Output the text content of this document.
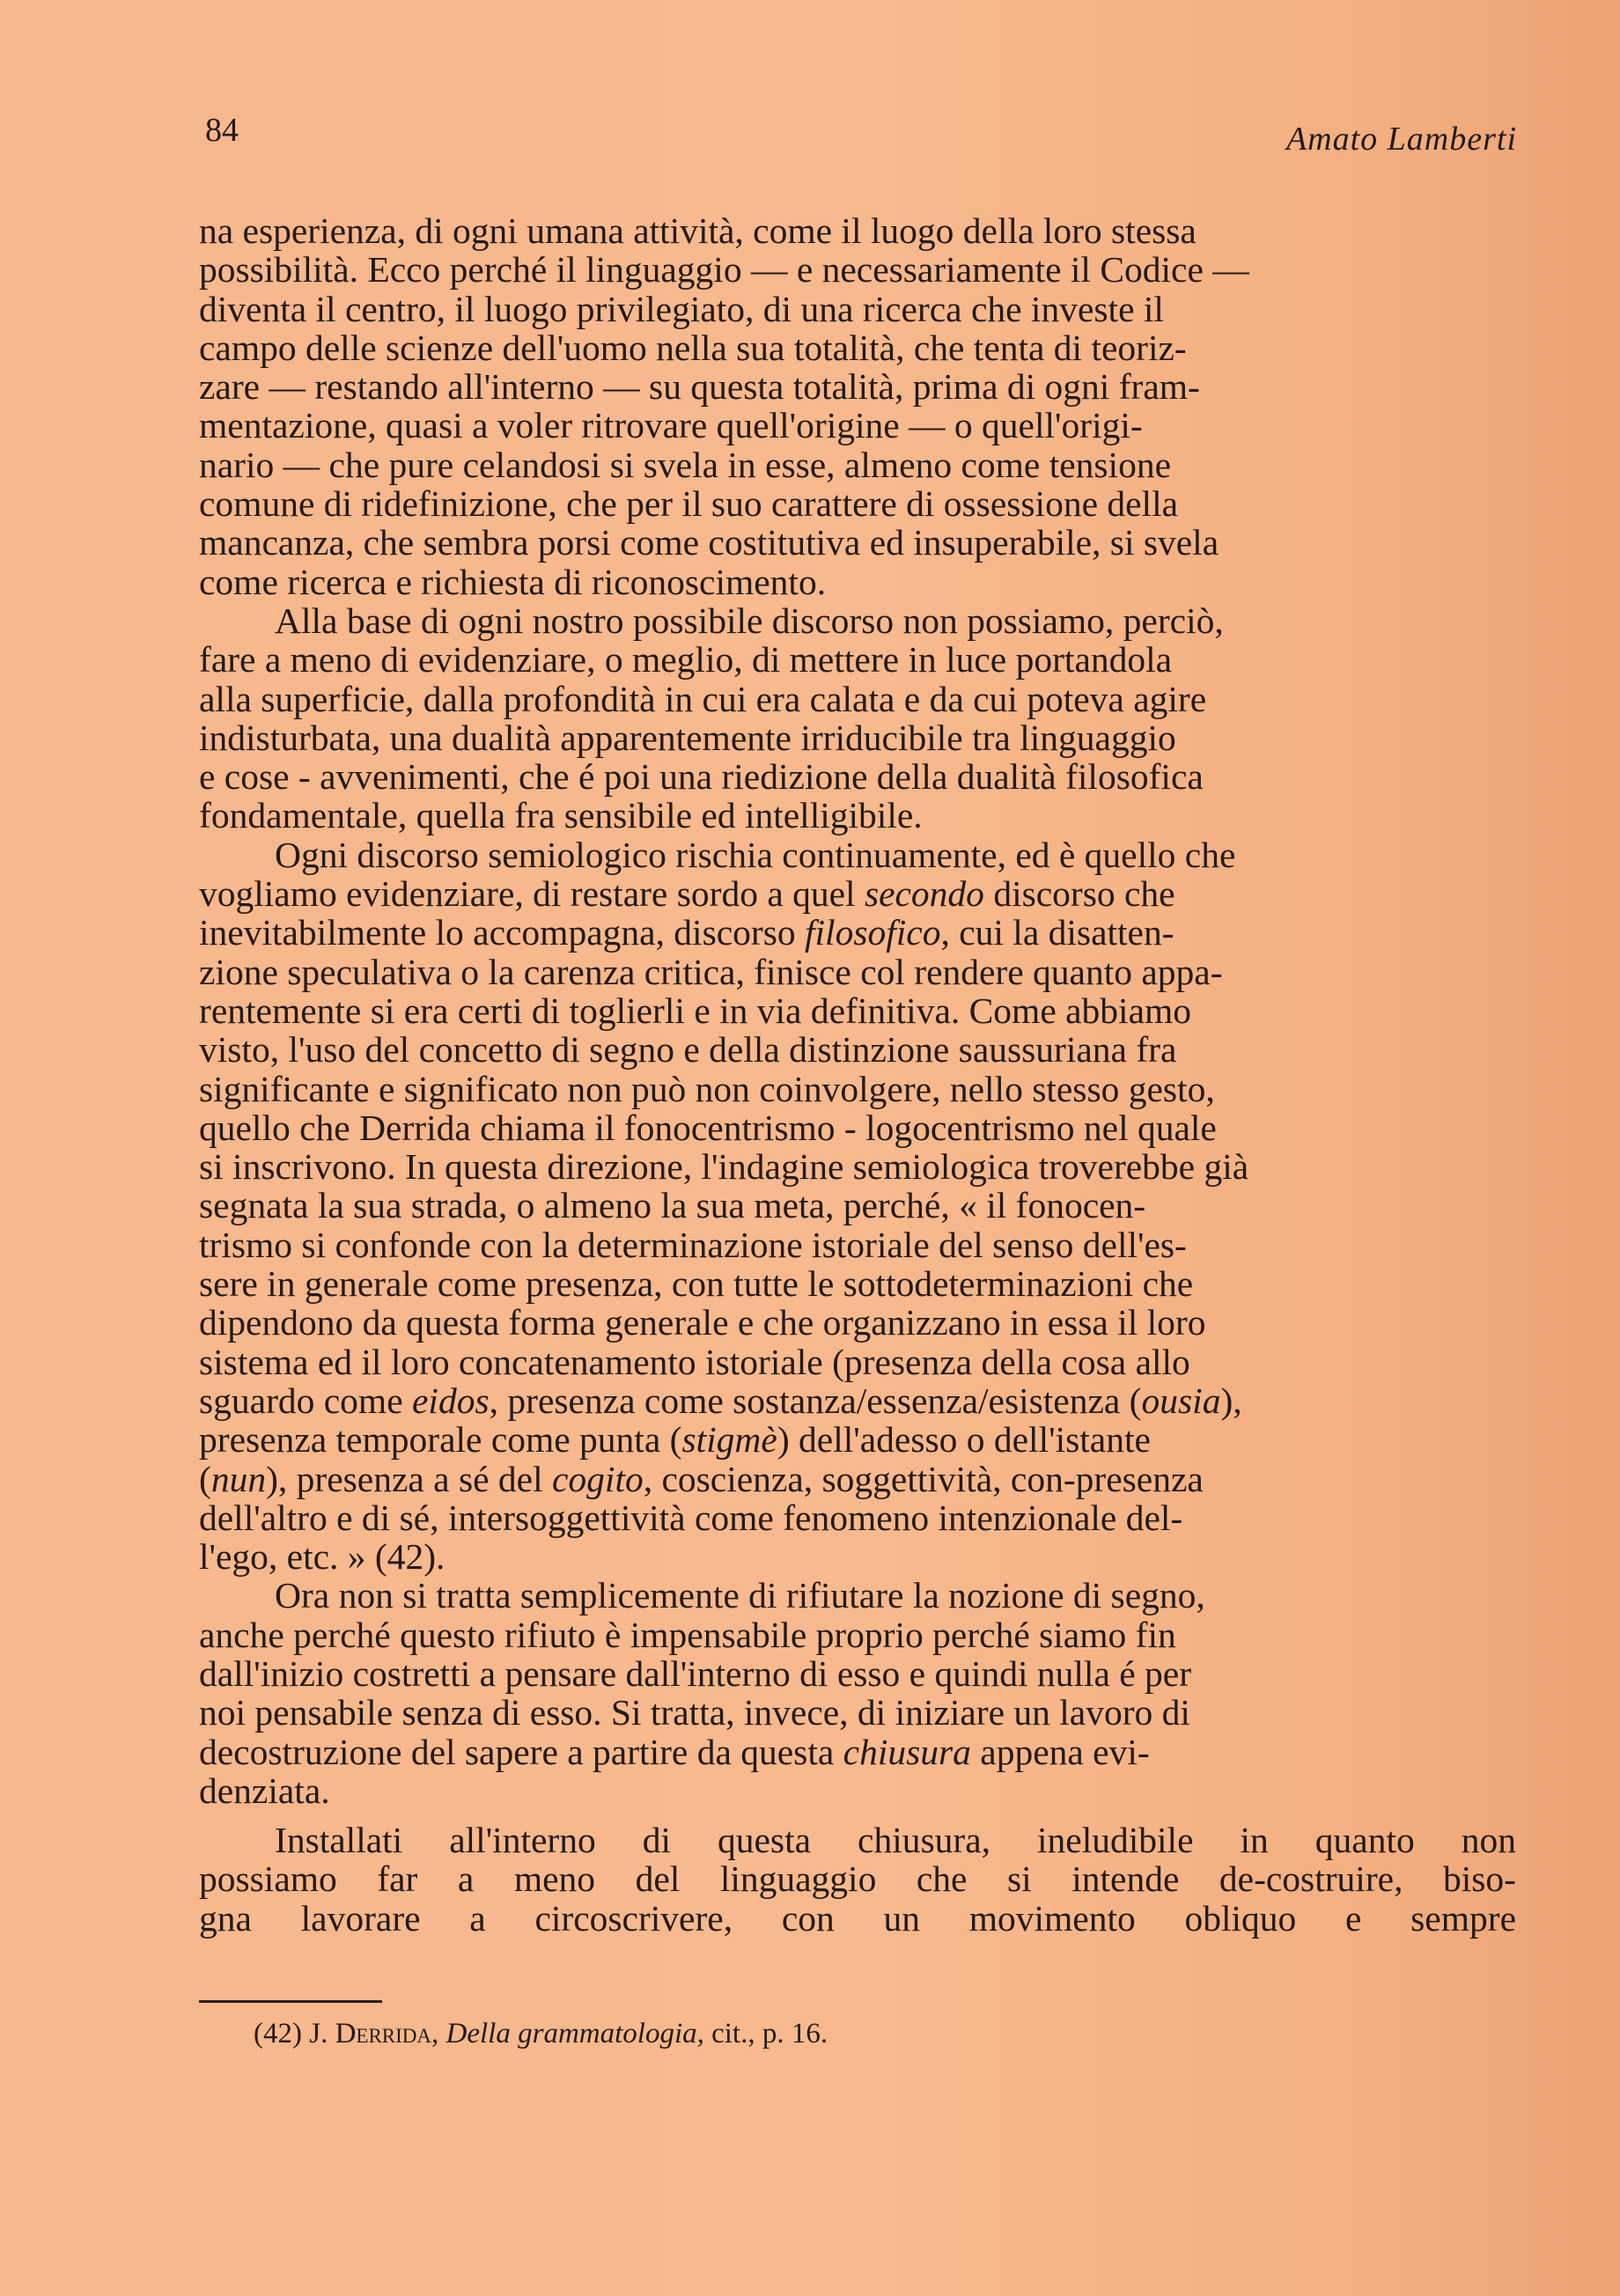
84	Amato Lamberti

na esperienza, di ogni umana attività, come il luogo della loro stessa
possibilità. Ecco perché il linguaggio — e necessariamente il Codice —
diventa il centro, il luogo privilegiato, di una ricerca che investe il
campo delle scienze dell'uomo nella sua totalità, che tenta di teoriz-
zare — restando all'interno — su questa totalità, prima di ogni fram-
mentazione, quasi a voler ritrovare quell'origine — o quell'origi-
nario — che pure celandosi si svela in esse, almeno come tensione
comune di ridefinizione, che per il suo carattere di ossessione della
mancanza, che sembra porsi come costitutiva ed insuperabile, si svela
come ricerca e richiesta di riconoscimento.

Alla base di ogni nostro possibile discorso non possiamo, perciò,
fare a meno di evidenziare, o meglio, di mettere in luce portandola
alla superficie, dalla profondità in cui era calata e da cui poteva agire
indisturbata, una dualità apparentemente irriducibile tra linguaggio
e cose - avvenimenti, che é poi una riedizione della dualità filosofica
fondamentale, quella fra sensibile ed intelligibile.

Ogni discorso semiologico rischia continuamente, ed è quello che
vogliamo evidenziare, di restare sordo a quel secondo discorso che
inevitabilmente lo accompagna, discorso filosofico, cui la disatten-
zione speculativa o la carenza critica, finisce col rendere quanto appa-
rentemente si era certi di toglierli e in via definitiva. Come abbiamo
visto, l'uso del concetto di segno e della distinzione saussuriana fra
significante e significato non può non coinvolgere, nello stesso gesto,
quello che Derrida chiama il fonocentrismo - logocentrismo nel quale
si inscrivono. In questa direzione, l'indagine semiologica troverebbe già
segnata la sua strada, o almeno la sua meta, perché, « il fonocen-
trismo si confonde con la determinazione istoriale del senso dell'es-
sere in generale come presenza, con tutte le sottodeterminazioni che
dipendono da questa forma generale e che organizzano in essa il loro
sistema ed il loro concatenamento istoriale (presenza della cosa allo
sguardo come eidos, presenza come sostanza/essenza/esistenza (ousia),
presenza temporale come punta (stigmè) dell'adesso o dell'istante
(nun), presenza a sé del cogito, coscienza, soggettività, con-presenza
dell'altro e di sé, intersoggettività come fenomeno intenzionale del-
l'ego, etc. » (42).

Ora non si tratta semplicemente di rifiutare la nozione di segno,
anche perché questo rifiuto è impensabile proprio perché siamo fin
dall'inizio costretti a pensare dall'interno di esso e quindi nulla é per
noi pensabile senza di esso. Si tratta, invece, di iniziare un lavoro di
decostruzione del sapere a partire da questa chiusura appena evi-
denziata.

Installati all'interno di questa chiusura, ineludibile in quanto non
possiamo far a meno del linguaggio che si intende de-costruire, biso-
gna lavorare a circoscrivere, con un movimento obliquo e sempre

(42) J. Derrida, Della grammatologia, cit., p. 16.
